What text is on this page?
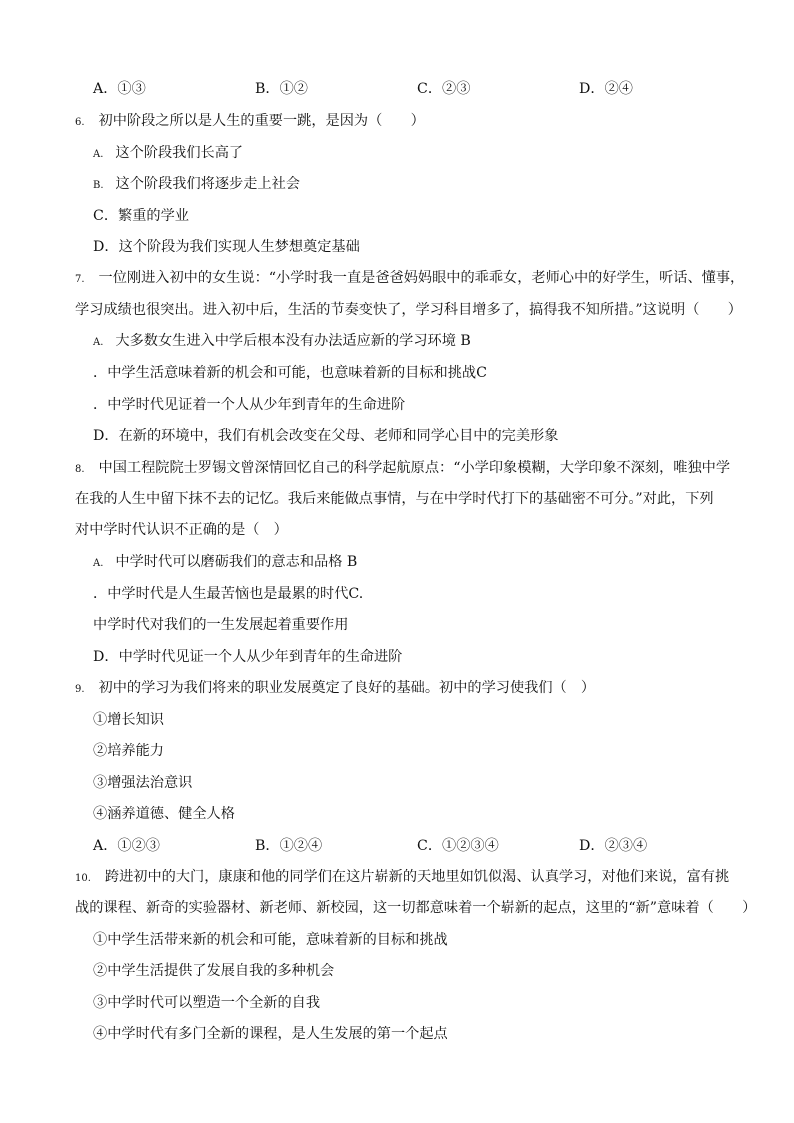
A．①③	B．①②	C．②③	D．②④
6. 初中阶段之所以是人生的重要一跳，是因为（　　）
A. 这个阶段我们长高了
B. 这个阶段我们将逐步走上社会
C．繁重的学业
D．这个阶段为我们实现人生梦想奠定基础
7. 一位刚进入初中的女生说：“小学时我一直是爸爸妈妈眼中的乖乖女，老师心中的好学生，听话、懂事，
学习成绩也很突出。进入初中后，生活的节奏变快了，学习科目增多了，搞得我不知所措。”这说明（　　）
A. 大多数女生进入中学后根本没有办法适应新的学习环境 B
．中学生活意味着新的机会和可能，也意味着新的目标和挑战C
．中学时代见证着一个人从少年到青年的生命进阶
D．在新的环境中，我们有机会改变在父母、老师和同学心目中的完美形象
8. 中国工程院院士罗锡文曾深情回忆自己的科学起航原点：“小学印象模糊，大学印象不深刻，唯独中学
在我的人生中留下抹不去的记忆。我后来能做点事情，与在中学时代打下的基础密不可分。”对此，下列
对中学时代认识不正确的是（　）
A. 中学时代可以磨砺我们的意志和品格 B
．中学时代是人生最苦恼也是最累的时代C.
中学时代对我们的一生发展起着重要作用
D．中学时代见证一个人从少年到青年的生命进阶
9. 初中的学习为我们将来的职业发展奠定了良好的基础。初中的学习使我们（　）
①增长知识
②培养能力
③增强法治意识
④涵养道德、健全人格
A．①②③	B．①②④	C．①②③④	D．②③④
10. 跨进初中的大门，康康和他的同学们在这片崭新的天地里如饥似渴、认真学习，对他们来说，富有挑
战的课程、新奇的实验器材、新老师、新校园，这一切都意味着一个崭新的起点，这里的“新”意味着（　　）
①中学生活带来新的机会和可能，意味着新的目标和挑战
②中学生活提供了发展自我的多种机会
③中学时代可以塑造一个全新的自我
④中学时代有多门全新的课程，是人生发展的第一个起点
